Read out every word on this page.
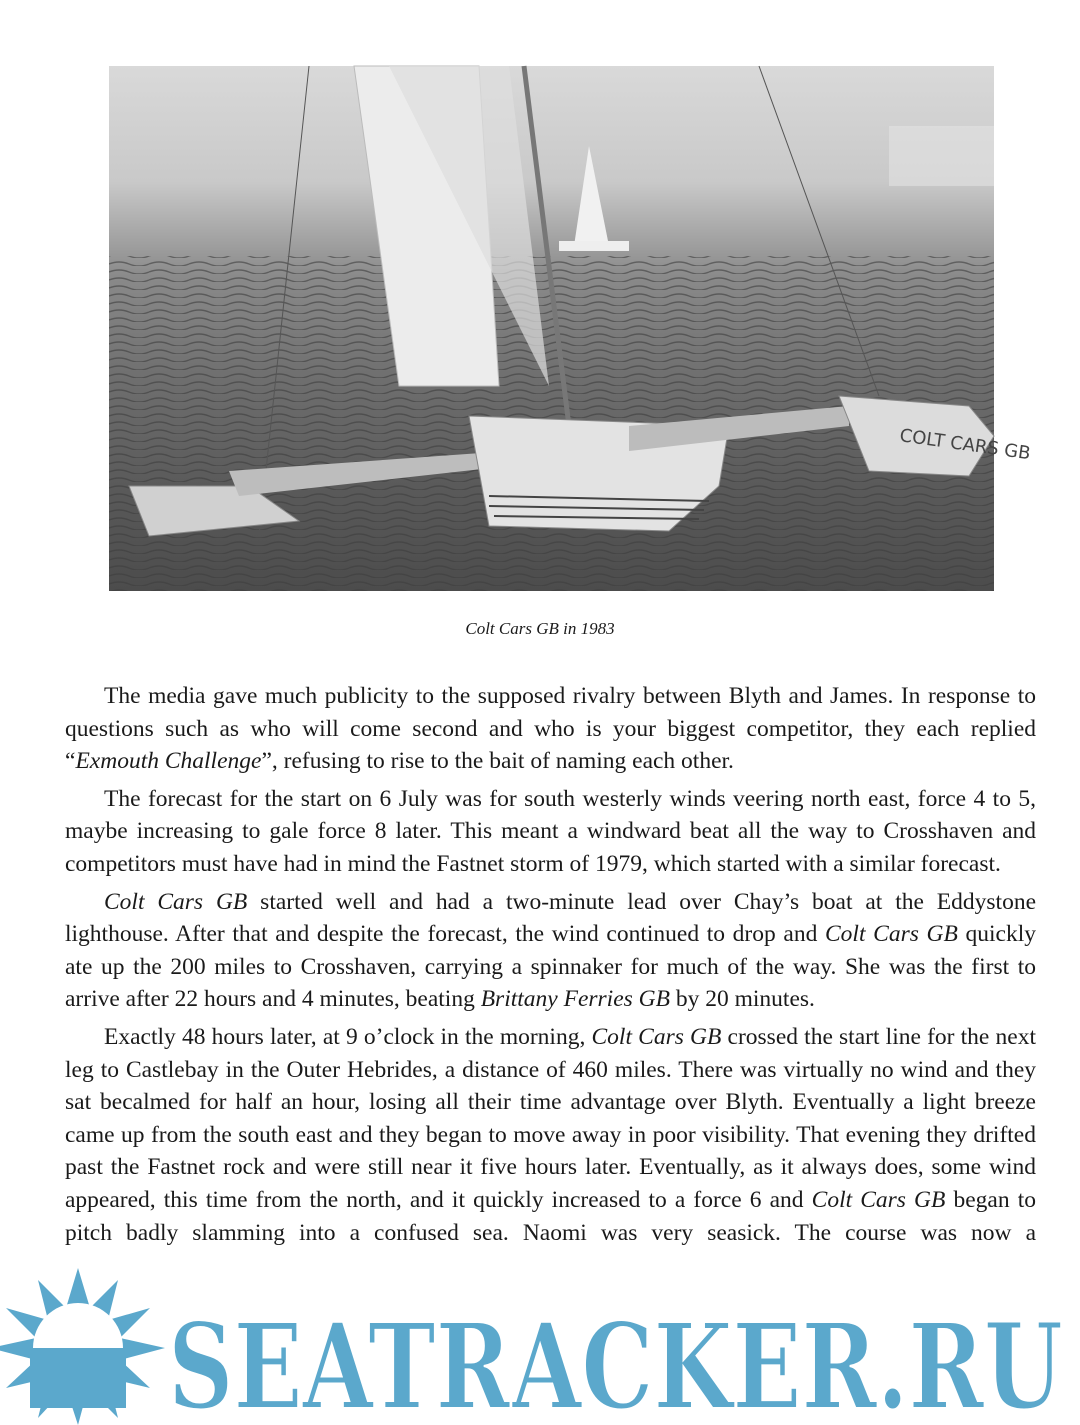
COLT CARS GB
Colt Cars GB in 1983

The media gave much publicity to the supposed rivalry between Blyth and James. In response to questions such as who will come second and who is your biggest competitor, they each replied “Exmouth Challenge”, refusing to rise to the bait of naming each other.

The forecast for the start on 6 July was for south westerly winds veering north east, force 4 to 5, maybe increasing to gale force 8 later. This meant a windward beat all the way to Crosshaven and competitors must have had in mind the Fastnet storm of 1979, which started with a similar forecast.

Colt Cars GB started well and had a two-minute lead over Chay’s boat at the Eddystone lighthouse. After that and despite the forecast, the wind continued to drop and Colt Cars GB quickly ate up the 200 miles to Crosshaven, carrying a spinnaker for much of the way. She was the first to arrive after 22 hours and 4 minutes, beating Brittany Ferries GB by 20 minutes.

Exactly 48 hours later, at 9 o’clock in the morning, Colt Cars GB crossed the start line for the next leg to Castlebay in the Outer Hebrides, a distance of 460 miles. There was virtually no wind and they sat becalmed for half an hour, losing all their time advantage over Blyth. Eventually a light breeze came up from the south east and they began to move away in poor visibility. That evening they drifted past the Fastnet rock and were still near it five hours later. Eventually, as it always does, some wind appeared, this time from the north, and it quickly increased to a force 6 and Colt Cars GB began to pitch badly slamming into a confused sea. Naomi was very seasick. The course was now a

SEATRACKER.RU
